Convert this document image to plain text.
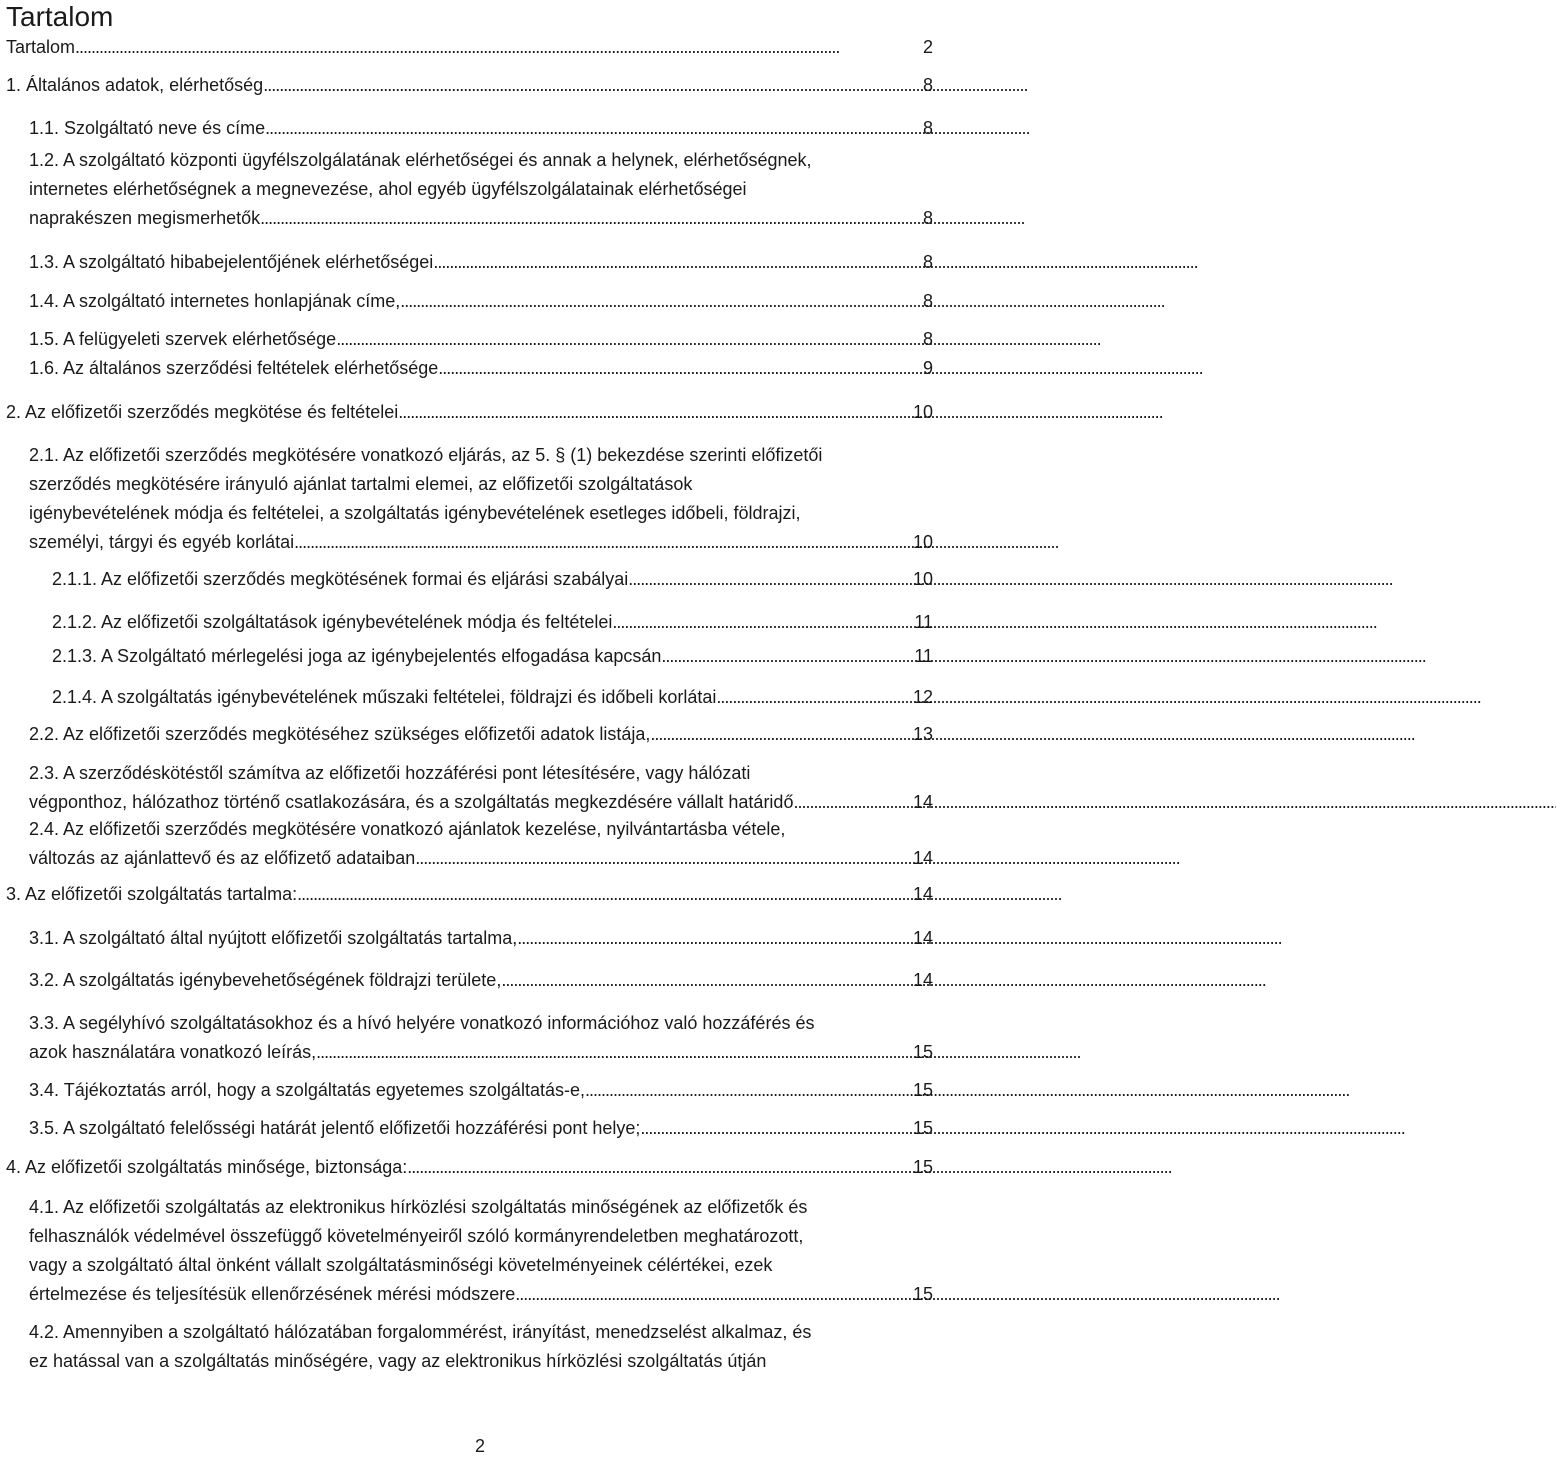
Tartalom
Tartalom . . .	2
1. Általános adatok, elérhetőség . . .	8
1.1. Szolgáltató neve és címe . . .	8
1.2. A szolgáltató központi ügyfélszolgálatának elérhetőségei és annak a helynek, elérhetőségnek,
internetes elérhetőségnek a megnevezése, ahol egyéb ügyfélszolgálatainak elérhetőségei
naprakészen megismerhetők . . .	8
1.3. A szolgáltató hibabejelentőjének elérhetőségei . . .	8
1.4. A szolgáltató internetes honlapjának címe, . . .	8
1.5. A felügyeleti szervek elérhetősége . . .	8
1.6. Az általános szerződési feltételek elérhetősége . . .	9
2. Az előfizetői szerződés megkötése és feltételei . . .	10
2.1. Az előfizetői szerződés megkötésére vonatkozó eljárás, az 5. § (1) bekezdése szerinti előfizetői
szerződés megkötésére irányuló ajánlat tartalmi elemei, az előfizetői szolgáltatások
igénybevételének módja és feltételei, a szolgáltatás igénybevételének esetleges időbeli, földrajzi,
személyi, tárgyi és egyéb korlátai . . .	10
2.1.1. Az előfizetői szerződés megkötésének formai és eljárási szabályai . . .	10
2.1.2. Az előfizetői szolgáltatások igénybevételének módja és feltételei . . .	11
2.1.3. A Szolgáltató mérlegelési joga az igénybejelentés elfogadása kapcsán . . .	11
2.1.4. A szolgáltatás igénybevételének műszaki feltételei, földrajzi és időbeli korlátai . . .	12
2.2. Az előfizetői szerződés megkötéséhez szükséges előfizetői adatok listája, . . .	13
2.3. A szerződéskötéstől számítva az előfizetői hozzáférési pont létesítésére, vagy hálózati
végponthoz, hálózathoz történő csatlakozására, és a szolgáltatás megkezdésére vállalt határidő . . .	14
2.4. Az előfizetői szerződés megkötésére vonatkozó ajánlatok kezelése, nyilvántartásba vétele,
változás az ajánlattevő és az előfizető adataiban . . .	14
3. Az előfizetői szolgáltatás tartalma: . . .	14
3.1. A szolgáltató által nyújtott előfizetői szolgáltatás tartalma, . . .	14
3.2. A szolgáltatás igénybevehetőségének földrajzi területe, . . .	14
3.3. A segélyhívó szolgáltatásokhoz és a hívó helyére vonatkozó információhoz való hozzáférés és
azok használatára vonatkozó leírás, . . .	15
3.4. Tájékoztatás arról, hogy a szolgáltatás egyetemes szolgáltatás-e, . . .	15
3.5. A szolgáltató felelősségi határát jelentő előfizetői hozzáférési pont helye; . . .	15
4. Az előfizetői szolgáltatás minősége, biztonsága: . . .	15
4.1. Az előfizetői szolgáltatás az elektronikus hírközlési szolgáltatás minőségének az előfizetők és
felhasználók védelmével összefüggő követelményeiről szóló kormányrendeletben meghatározott,
vagy a szolgáltató által önként vállalt szolgáltatásminőségi követelményeinek célértékei, ezek
értelmezése és teljesítésük ellenőrzésének mérési módszere . . .	15
4.2. Amennyiben a szolgáltató hálózatában forgalommérést, irányítást, menedzselést alkalmaz, és
ez hatással van a szolgáltatás minőségére, vagy az elektronikus hírközlési szolgáltatás útján
2
